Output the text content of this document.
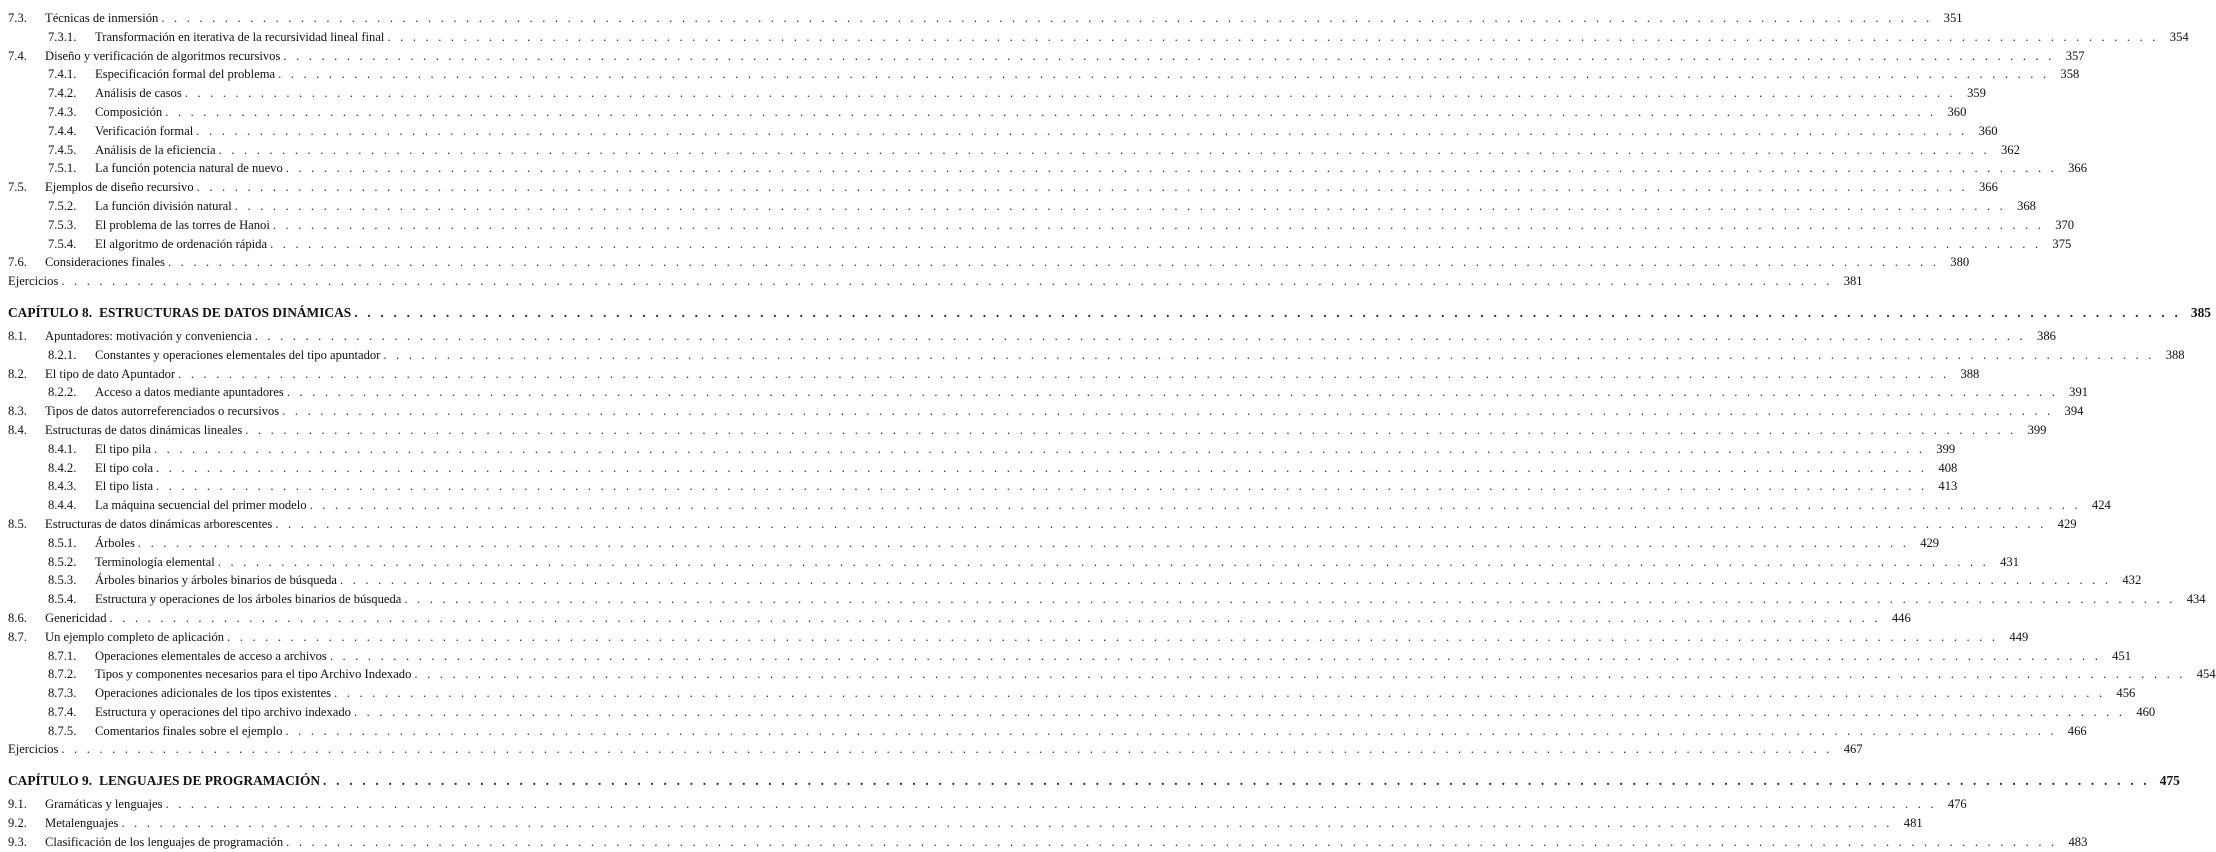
7.3.	Técnicas de inmersión . . .	351
7.3.1.	Transformación en iterativa de la recursividad lineal final . . .	354
7.4.	Diseño y verificación de algoritmos recursivos . . .	357
7.4.1.	Especificación formal del problema . . .	358
7.4.2.	Análisis de casos . . .	359
7.4.3.	Composición . . .	360
7.4.4.	Verificación formal . . .	360
7.4.5.	Análisis de la eficiencia . . .	362
7.5.1.	La función potencia natural de nuevo . . .	366
7.5.	Ejemplos de diseño recursivo . . .	366
7.5.2.	La función división natural . . .	368
7.5.3.	El problema de las torres de Hanoi . . .	370
7.5.4.	El algoritmo de ordenación rápida . . .	375
7.6.	Consideraciones finales . . .	380
Ejercicios . . .	381
CAPÍTULO 8. ESTRUCTURAS DE DATOS DINÁMICAS . . .	385
8.1.	Apuntadores: motivación y conveniencia . . .	386
8.2.1.	Constantes y operaciones elementales del tipo apuntador . . .	388
8.2.	El tipo de dato Apuntador . . .	388
8.2.2.	Acceso a datos mediante apuntadores . . .	391
8.3.	Tipos de datos autorreferenciados o recursivos . . .	394
8.4.	Estructuras de datos dinámicas lineales . . .	399
8.4.1.	El tipo pila . . .	399
8.4.2.	El tipo cola . . .	408
8.4.3.	El tipo lista . . .	413
8.4.4.	La máquina secuencial del primer modelo . . .	424
8.5.	Estructuras de datos dinámicas arborescentes . . .	429
8.5.1.	Árboles . . .	429
8.5.2.	Terminología elemental . . .	431
8.5.3.	Árboles binarios y árboles binarios de búsqueda . . .	432
8.5.4.	Estructura y operaciones de los árboles binarios de búsqueda . . .	434
8.6.	Genericidad . . .	446
8.7.	Un ejemplo completo de aplicación . . .	449
8.7.1.	Operaciones elementales de acceso a archivos . . .	451
8.7.2.	Tipos y componentes necesarios para el tipo Archivo Indexado . . .	454
8.7.3.	Operaciones adicionales de los tipos existentes . . .	456
8.7.4.	Estructura y operaciones del tipo archivo indexado . . .	460
8.7.5.	Comentarios finales sobre el ejemplo . . .	466
Ejercicios . . .	467
CAPÍTULO 9. LENGUAJES DE PROGRAMACIÓN . . .	475
9.1.	Gramáticas y lenguajes . . .	476
9.2.	Metalenguajes . . .	481
9.3.	Clasificación de los lenguajes de programación . . .	483
